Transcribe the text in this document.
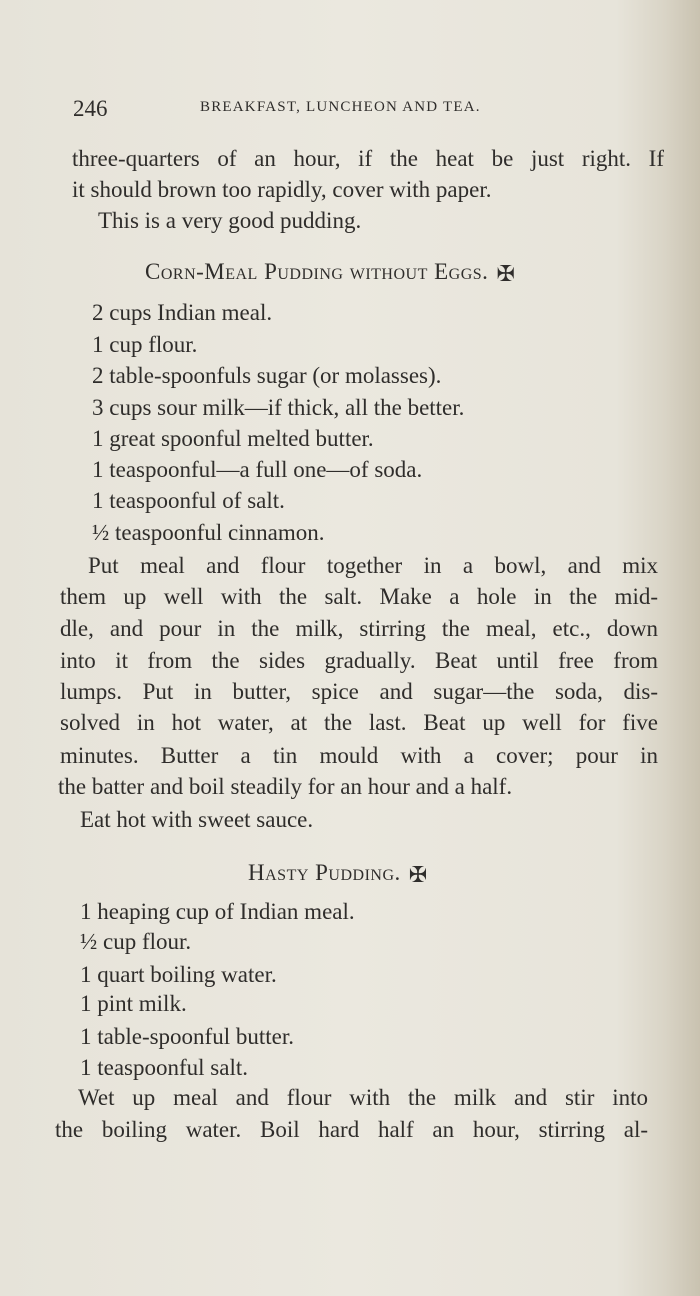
246	BREAKFAST, LUNCHEON AND TEA.
three-quarters of an hour, if the heat be just right. If
it should brown too rapidly, cover with paper.
This is a very good pudding.
Corn-Meal Pudding without Eggs. ✠
2 cups Indian meal.
1 cup flour.
2 table-spoonfuls sugar (or molasses).
3 cups sour milk—if thick, all the better.
1 great spoonful melted butter.
1 teaspoonful—a full one—of soda.
1 teaspoonful of salt.
½ teaspoonful cinnamon.
Put meal and flour together in a bowl, and mix
them up well with the salt. Make a hole in the mid-
dle, and pour in the milk, stirring the meal, etc., down
into it from the sides gradually. Beat until free from
lumps. Put in butter, spice and sugar—the soda, dis-
solved in hot water, at the last. Beat up well for five
minutes. Butter a tin mould with a cover; pour in
the batter and boil steadily for an hour and a half.
Eat hot with sweet sauce.
Hasty Pudding. ✠
1 heaping cup of Indian meal.
½ cup flour.
1 quart boiling water.
1 pint milk.
1 table-spoonful butter.
1 teaspoonful salt.
Wet up meal and flour with the milk and stir into
the boiling water. Boil hard half an hour, stirring al-
